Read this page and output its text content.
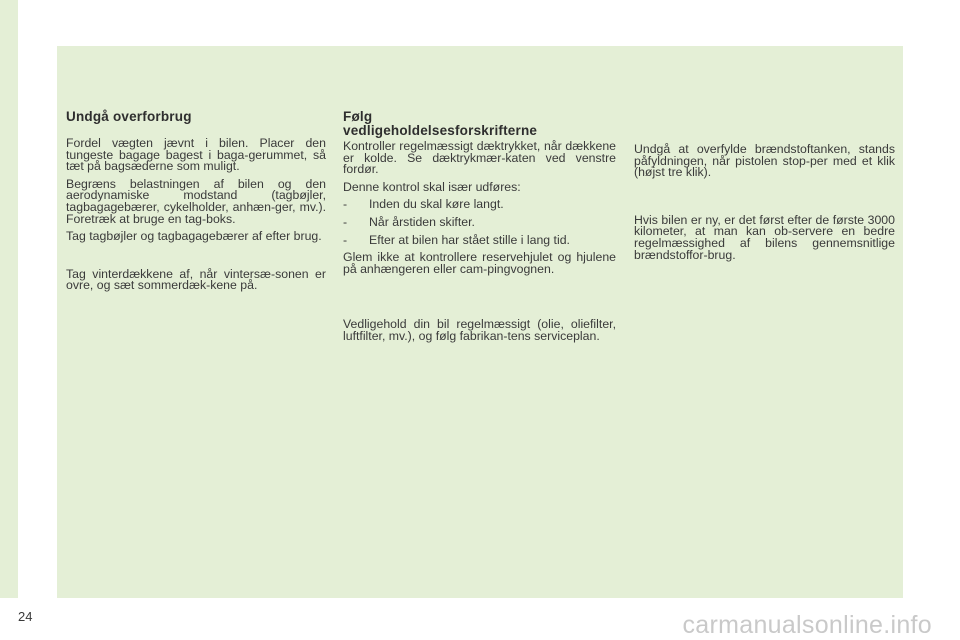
Undgå overforbrug

Fordel vægten jævnt i bilen. Placer den tungeste bagage bagest i baga-gerummet, så tæt på bagsæderne som muligt.

Begræns belastningen af bilen og den aerodynamiske modstand (tagbøjler, tagbagagebærer, cykelholder, anhæn-ger, mv.). Foretræk at bruge en tag-boks.

Tag tagbøjler og tagbagagebærer af efter brug.

Tag vinterdækkene af, når vintersæ-sonen er ovre, og sæt sommerdæk-kene på.

Følg
vedligeholdelsesforskrifterne

Kontroller regelmæssigt dæktrykket, når dækkene er kolde. Se dæktrykmær-katen ved venstre fordør.

Denne kontrol skal især udføres:

- Inden du skal køre langt.
- Når årstiden skifter.
- Efter at bilen har stået stille i lang tid.

Glem ikke at kontrollere reservehjulet og hjulene på anhængeren eller cam-pingvognen.

Vedligehold din bil regelmæssigt (olie, oliefilter, luftfilter, mv.), og følg fabrikan-tens serviceplan.

Undgå at overfylde brændstoftanken, stands påfyldningen, når pistolen stop-per med et klik (højst tre klik).

Hvis bilen er ny, er det først efter de første 3000 kilometer, at man kan ob-servere en bedre regelmæssighed af bilens gennemsnitlige brændstoffor-brug.

24	carmanualsonline.info
